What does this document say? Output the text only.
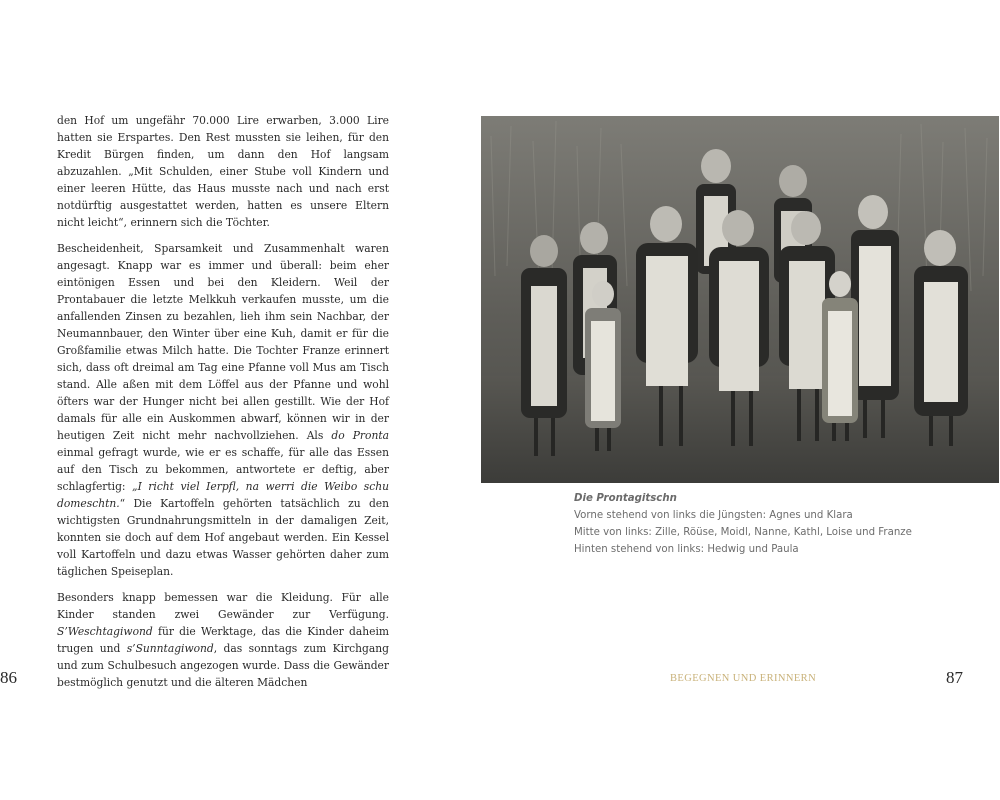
den Hof um ungefähr 70.000 Lire erwarben, 3.000 Lire hatten sie Erspartes. Den Rest mussten sie leihen, für den Kredit Bürgen finden, um dann den Hof langsam abzuzahlen. „Mit Schulden, einer Stube voll Kindern und einer leeren Hütte, das Haus musste nach und nach erst notdürftig ausgestattet werden, hatten es unsere Eltern nicht leicht“, erinnern sich die Töchter.

Bescheidenheit, Sparsamkeit und Zusammenhalt waren angesagt. Knapp war es immer und überall: beim eher eintönigen Essen und bei den Kleidern. Weil der Prontabauer die letzte Melkkuh verkaufen musste, um die anfallenden Zinsen zu bezahlen, lieh ihm sein Nachbar, der Neumannbauer, den Winter über eine Kuh, damit er für die Großfamilie etwas Milch hatte. Die Tochter Franze erinnert sich, dass oft dreimal am Tag eine Pfanne voll Mus am Tisch stand. Alle aßen mit dem Löffel aus der Pfanne und wohl öfters war der Hunger nicht bei allen gestillt. Wie der Hof damals für alle ein Auskommen abwarf, können wir in der heutigen Zeit nicht mehr nachvollziehen. Als do Pronta einmal gefragt wurde, wie er es schaffe, für alle das Essen auf den Tisch zu bekommen, antwortete er deftig, aber schlagfertig: „I richt viel Ierpfl, na werri die Weibo schu domeschtn.“ Die Kartoffeln gehörten tatsächlich zu den wichtigsten Grundnahrungsmitteln in der damaligen Zeit, konnten sie doch auf dem Hof angebaut werden. Ein Kessel voll Kartoffeln und dazu etwas Wasser gehörten daher zum täglichen Speiseplan.

Besonders knapp bemessen war die Kleidung. Für alle Kinder standen zwei Gewänder zur Verfügung. S’Weschtagiwond für die Werktage, das die Kinder daheim trugen und s’Sunntagiwond, das sonntags zum Kirchgang und zum Schulbesuch angezogen wurde. Dass die Gewänder bestmöglich genutzt und die älteren Mädchen

86
Die Prontagitschn
Vorne stehend von links die Jüngsten: Agnes und Klara
Mitte von links: Zille, Röüse, Moidl, Nanne, Kathl, Loise und Franze
Hinten stehend von links: Hedwig und Paula
BEGEGNEN UND ERINNERN	87
